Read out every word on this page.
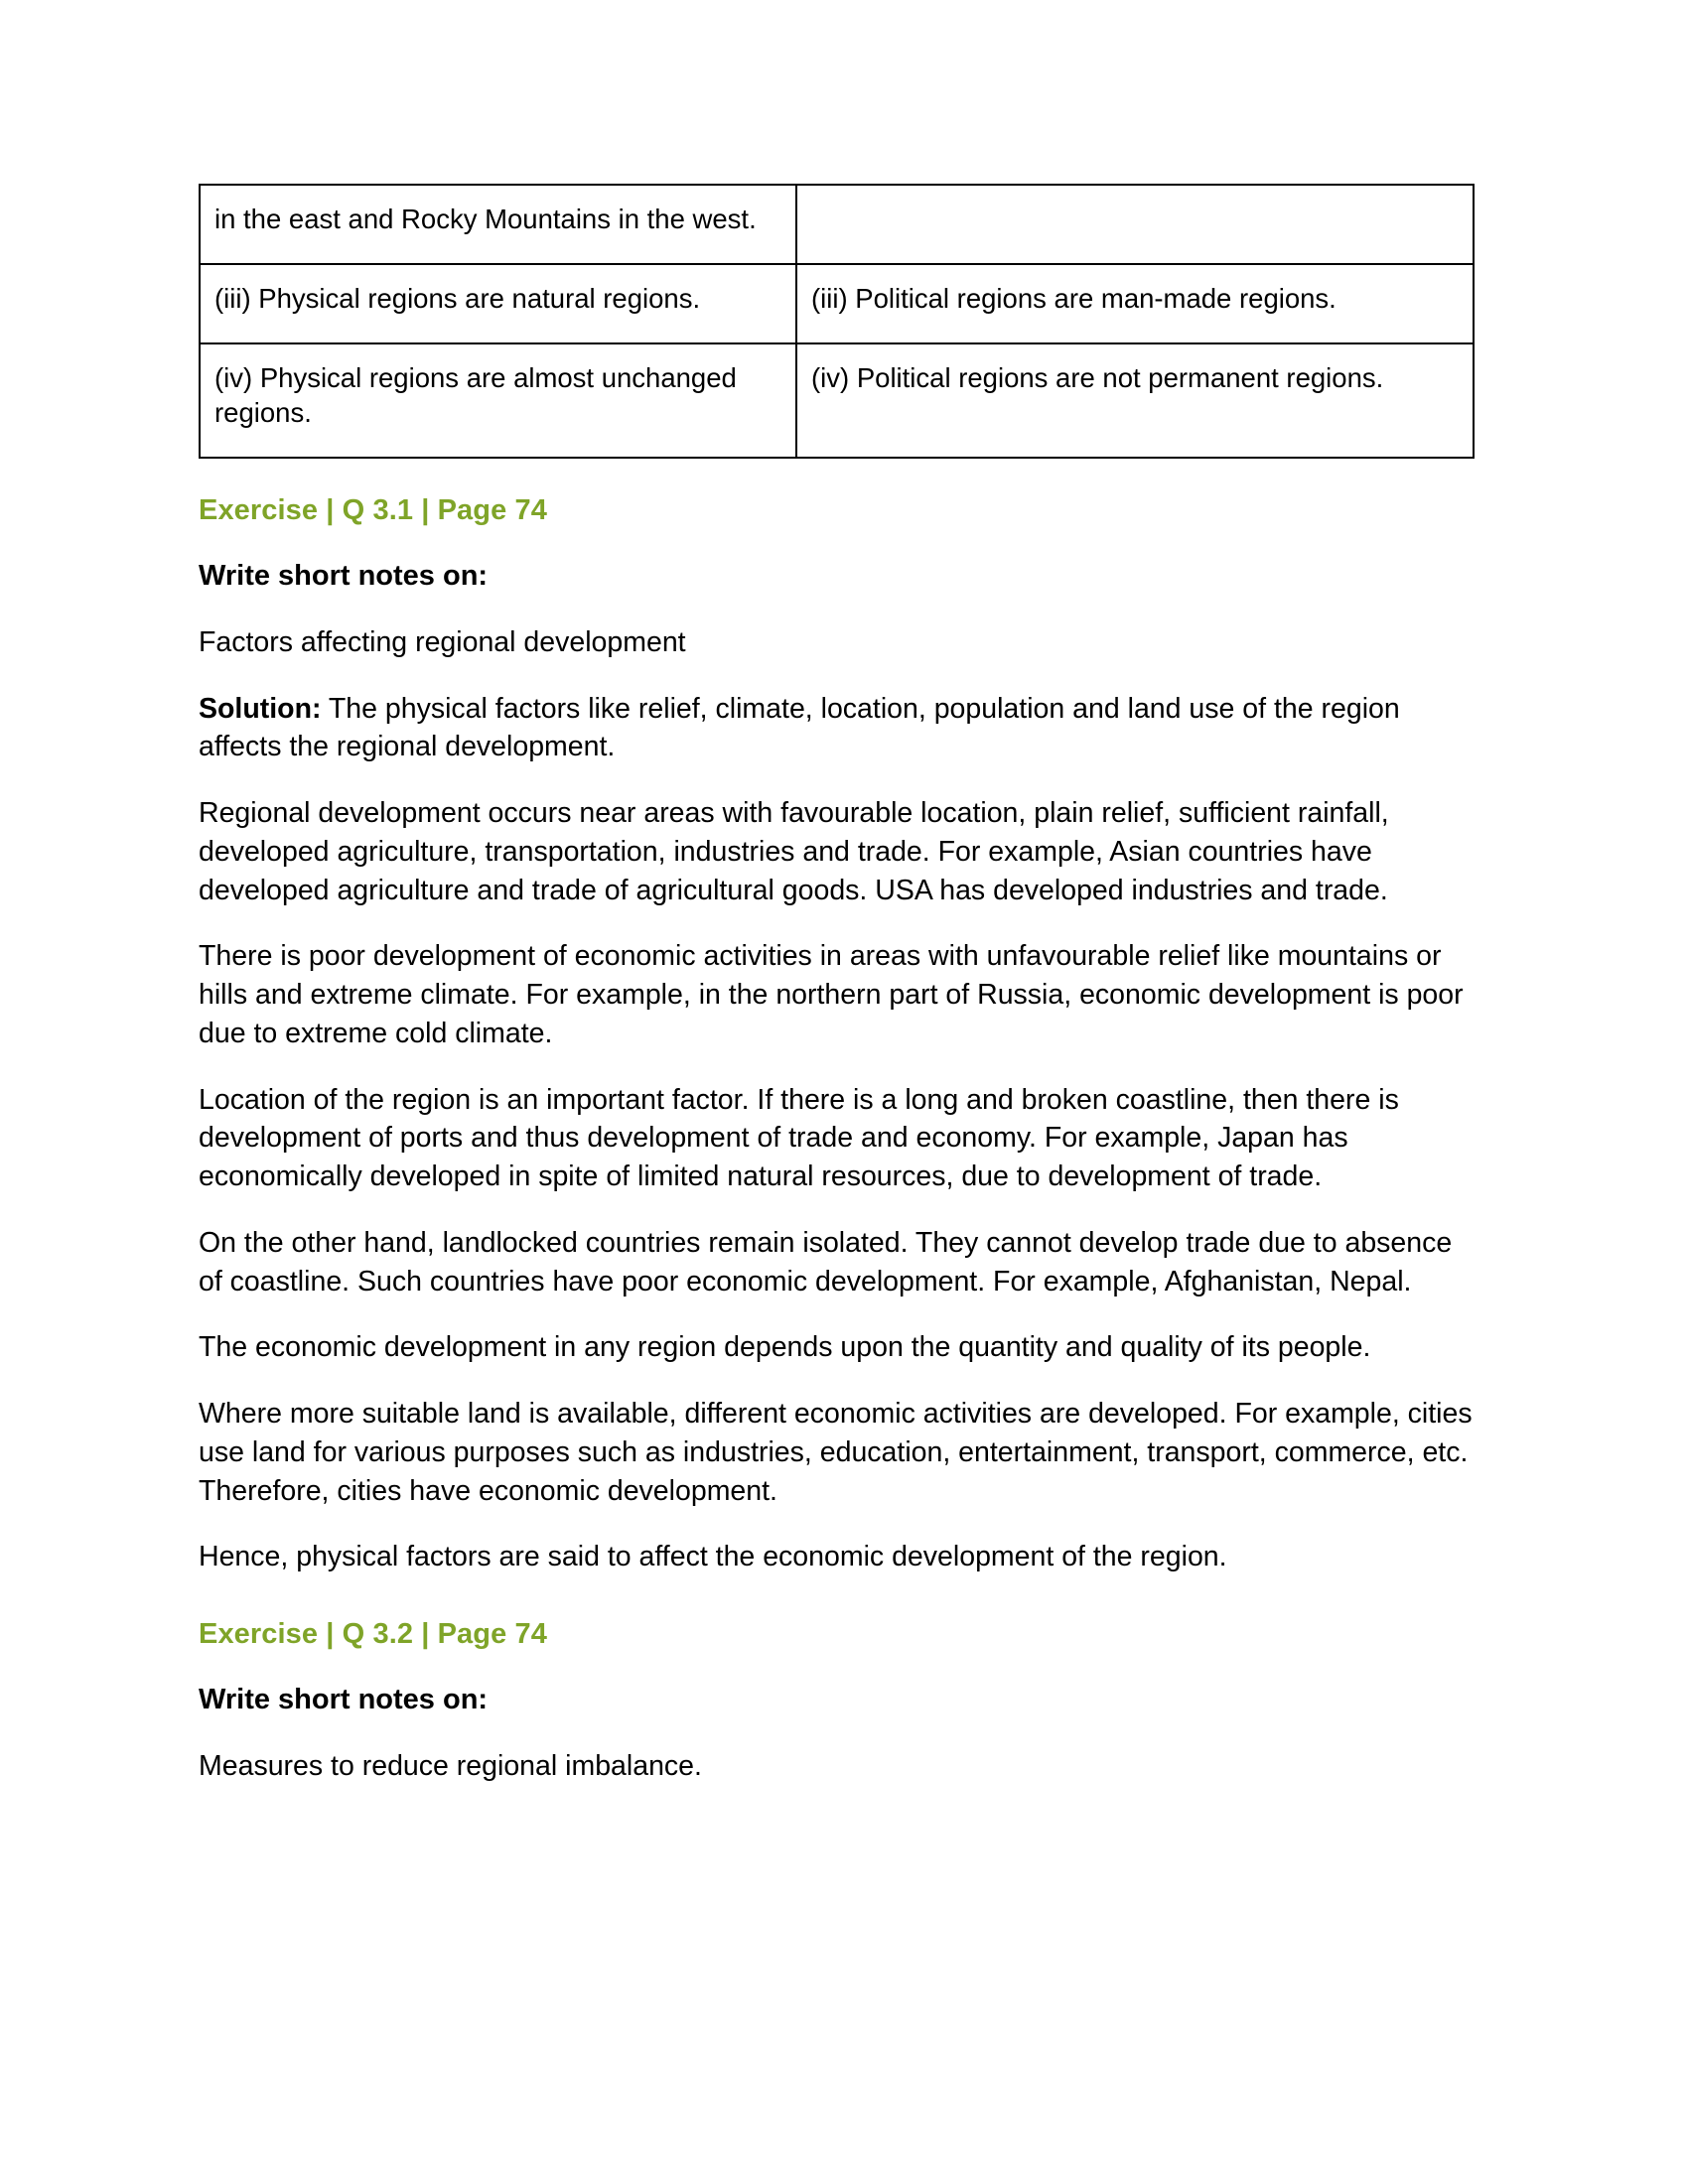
in the east and Rocky Mountains in the west.	
(iii) Physical regions are natural regions.	(iii) Political regions are man-made regions.
(iv) Physical regions are almost unchanged regions.	(iv) Political regions are not permanent regions.
Exercise | Q 3.1 | Page 74
Write short notes on:

Factors affecting regional development

Solution: The physical factors like relief, climate, location, population and land use of the region affects the regional development.

Regional development occurs near areas with favourable location, plain relief, sufficient rainfall, developed agriculture, transportation, industries and trade. For example, Asian countries have developed agriculture and trade of agricultural goods. USA has developed industries and trade.

There is poor development of economic activities in areas with unfavourable relief like mountains or hills and extreme climate. For example, in the northern part of Russia, economic development is poor due to extreme cold climate.

Location of the region is an important factor. If there is a long and broken coastline, then there is development of ports and thus development of trade and economy. For example, Japan has economically developed in spite of limited natural resources, due to development of trade.

On the other hand, landlocked countries remain isolated. They cannot develop trade due to absence of coastline. Such countries have poor economic development. For example, Afghanistan, Nepal.

The economic development in any region depends upon the quantity and quality of its people.

Where more suitable land is available, different economic activities are developed. For example, cities use land for various purposes such as industries, education, entertainment, transport, commerce, etc. Therefore, cities have economic development.

Hence, physical factors are said to affect the economic development of the region.

Exercise | Q 3.2 | Page 74
Write short notes on:

Measures to reduce regional imbalance.
